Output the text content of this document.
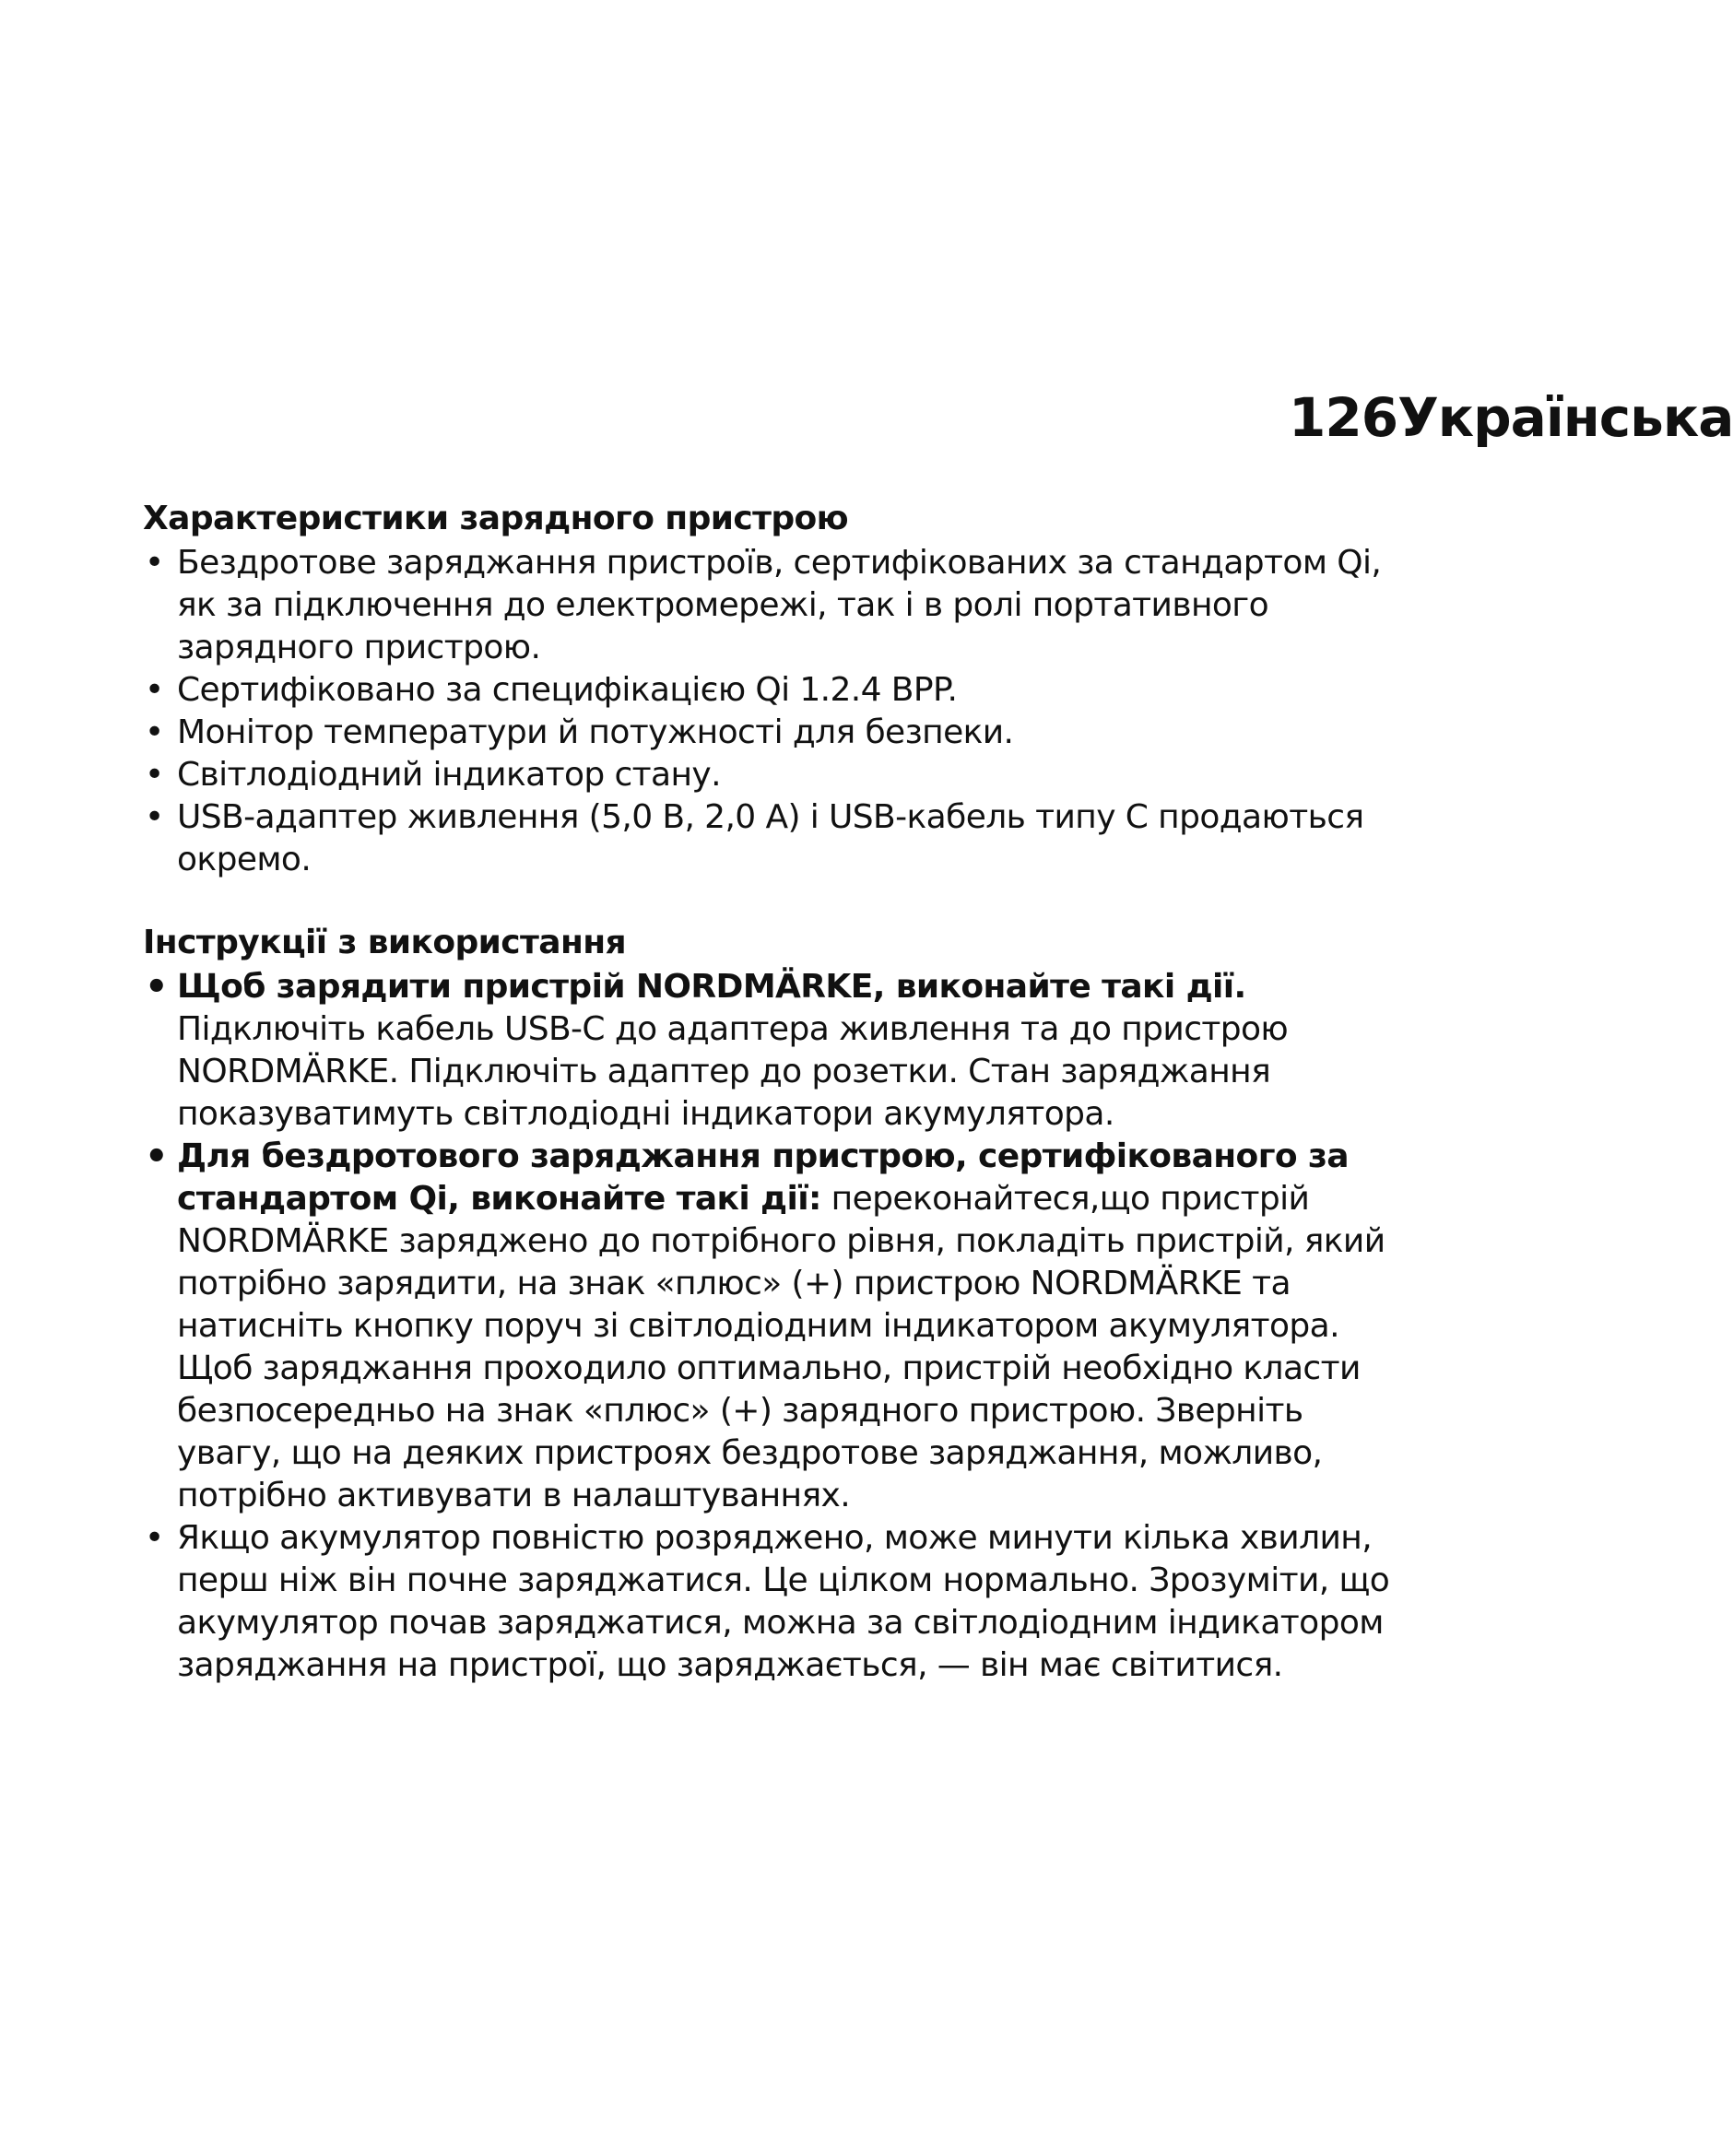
126Українська
Характеристики зарядного пристрою
• Бездротове заряджання пристроїв, сертифікованих за стандартом Qi, як за підключення до електромережі, так і в ролі портативного зарядного пристрою.
• Сертифіковано за специфікацією Qi 1.2.4 BPP.
• Монітор температури й потужності для безпеки.
• Світлодіодний індикатор стану.
• USB-адаптер живлення (5,0 В, 2,0 А) і USB-кабель типу С продаються окремо.
Інструкції з використання
• Щоб зарядити пристрій NORDMÄRKE, виконайте такі дії.
Підключіть кабель USB-C до адаптера живлення та до пристрою NORDMÄRKE. Підключіть адаптер до розетки. Стан заряджання показуватимуть світлодіодні індикатори акумулятора.
• Для бездротового заряджання пристрою, сертифікованого за стандартом Qi, виконайте такі дії: переконайтеся,що пристрій NORDMÄRKE заряджено до потрібного рівня, покладіть пристрій, який потрібно зарядити, на знак «плюс» (+) пристрою NORDMÄRKE та натисніть кнопку поруч зі світлодіодним індикатором акумулятора. Щоб заряджання проходило оптимально, пристрій необхідно класти безпосередньо на знак «плюс» (+) зарядного пристрою. Зверніть увагу, що на деяких пристроях бездротове заряджання, можливо, потрібно активувати в налаштуваннях.
• Якщо акумулятор повністю розряджено, може минути кілька хвилин, перш ніж він почне заряджатися. Це цілком нормально. Зрозуміти, що акумулятор почав заряджатися, можна за світлодіодним індикатором заряджання на пристрої, що заряджається, — він має світитися.
